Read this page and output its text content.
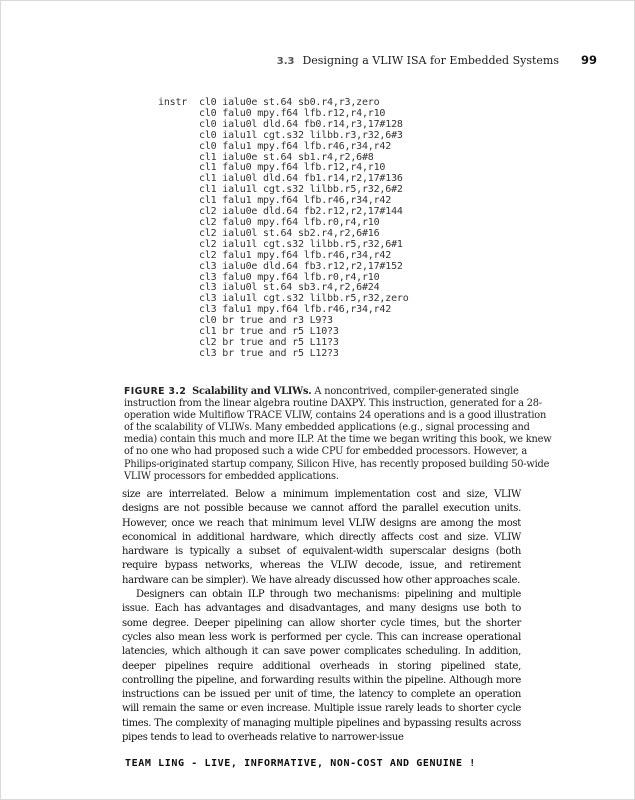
3.3 Designing a VLIW ISA for Embedded Systems 99
instr	cl0 ialu0e st.64 sb0.r4,r3,zero
cl0 falu0 mpy.f64 lfb.r12,r4,r10
cl0 ialu0l dld.64 fb0.r14,r3,17#128
cl0 ialu1l cgt.s32 lilbb.r3,r32,6#3
cl0 falu1 mpy.f64 lfb.r46,r34,r42
cl1 ialu0e st.64 sb1.r4,r2,6#8
cl1 falu0 mpy.f64 lfb.r12,r4,r10
cl1 ialu0l dld.64 fb1.r14,r2,17#136
cl1 ialu1l cgt.s32 lilbb.r5,r32,6#2
cl1 falu1 mpy.f64 lfb.r46,r34,r42
cl2 ialu0e dld.64 fb2.r12,r2,17#144
cl2 falu0 mpy.f64 lfb.r0,r4,r10
cl2 ialu0l st.64 sb2.r4,r2,6#16
cl2 ialu1l cgt.s32 lilbb.r5,r32,6#1
cl2 falu1 mpy.f64 lfb.r46,r34,r42
cl3 ialu0e dld.64 fb3.r12,r2,17#152
cl3 falu0 mpy.f64 lfb.r0,r4,r10
cl3 ialu0l st.64 sb3.r4,r2,6#24
cl3 ialu1l cgt.s32 lilbb.r5,r32,zero
cl3 falu1 mpy.f64 lfb.r46,r34,r42
cl0 br true and r3 L9?3
cl1 br true and r5 L10?3
cl2 br true and r5 L11?3
cl3 br true and r5 L12?3
FIGURE 3.2 Scalability and VLIWs. A noncontrived, compiler-generated single instruction from the linear algebra routine DAXPY. This instruction, generated for a 28-operation wide Multiflow TRACE VLIW, contains 24 operations and is a good illustration of the scalability of VLIWs. Many embedded applications (e.g., signal processing and media) contain this much and more ILP. At the time we began writing this book, we knew of no one who had proposed such a wide CPU for embedded processors. However, a Philips-originated startup company, Silicon Hive, has recently proposed building 50-wide VLIW processors for embedded applications.

size are interrelated. Below a minimum implementation cost and size, VLIW designs are not possible because we cannot afford the parallel execution units. However, once we reach that minimum level VLIW designs are among the most economical in additional hardware, which directly affects cost and size. VLIW hardware is typically a subset of equivalent-width superscalar designs (both require bypass networks, whereas the VLIW decode, issue, and retirement hardware can be simpler). We have already discussed how other approaches scale.

Designers can obtain ILP through two mechanisms: pipelining and multiple issue. Each has advantages and disadvantages, and many designs use both to some degree. Deeper pipelining can allow shorter cycle times, but the shorter cycles also mean less work is performed per cycle. This can increase operational latencies, which although it can save power complicates scheduling. In addition, deeper pipelines require additional overheads in storing pipelined state, controlling the pipeline, and forwarding results within the pipeline. Although more instructions can be issued per unit of time, the latency to complete an operation will remain the same or even increase. Multiple issue rarely leads to shorter cycle times. The complexity of managing multiple pipelines and bypassing results across pipes tends to lead to overheads relative to narrower-issue

TEAM LING - LIVE, INFORMATIVE, NON-COST AND GENUINE !
